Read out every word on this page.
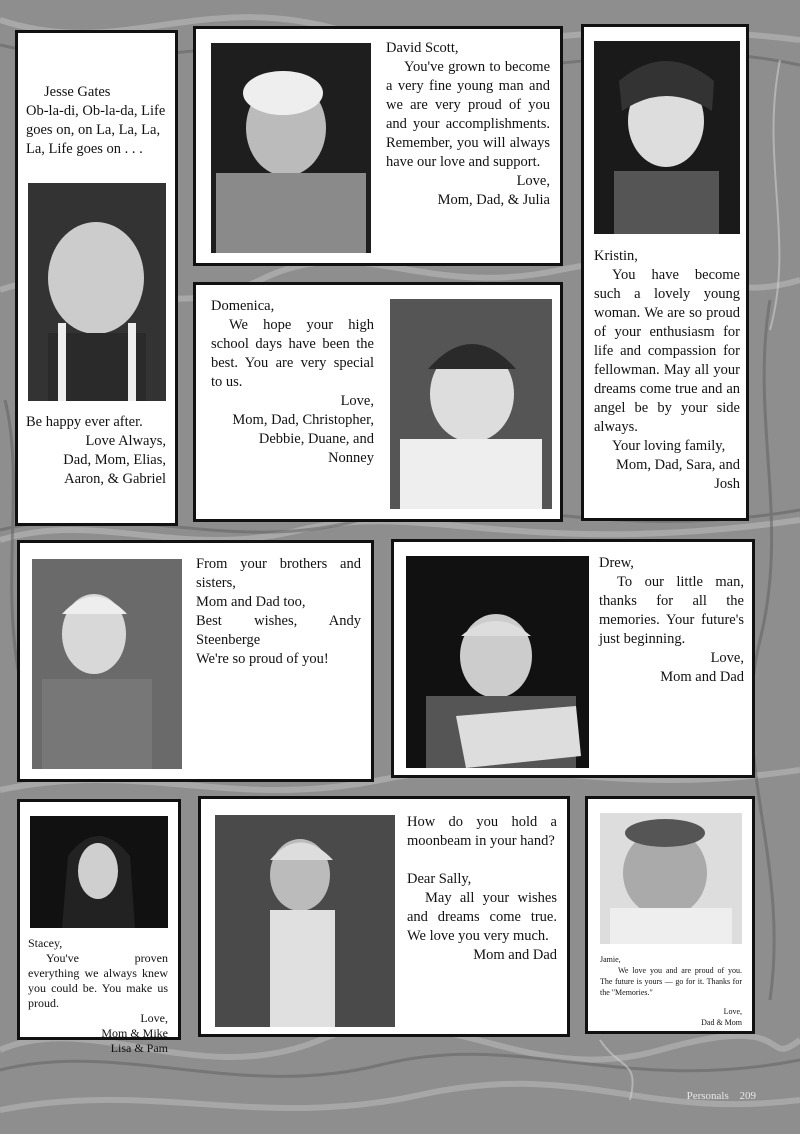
Jesse Gates

Ob-la-di, Ob-la-da, Life goes on, on La, La, La, La, Life goes on . . .

Be happy ever after.

Love Always,

Dad, Mom, Elias, Aaron, & Gabriel

David Scott,

You've grown to become a very fine young man and we are very proud of you and your accomplishments. Remember, you will always have our love and support.

Love,

Mom, Dad, & Julia

Kristin,

You have become such a lovely young woman. We are so proud of your enthusiasm for life and compassion for fellowman. May all your dreams come true and an angel be by your side always.

Your loving family,

Mom, Dad, Sara, and Josh

Domenica,

We hope your high school days have been the best. You are very special to us.

Love,

Mom, Dad, Christopher, Debbie, Duane, and Nonney

From your brothers and sisters,

Mom and Dad too,

Best wishes, Andy Steenberge

We're so proud of you!

Drew,

To our little man, thanks for all the memories. Your future's just beginning.

Love,

Mom and Dad

Stacey,

You've proven everything we always knew you could be. You make us proud.

Love,

Mom & Mike

Lisa & Pam

How do you hold a moonbeam in your hand?

Dear Sally,

May all your wishes and dreams come true. We love you very much.

Mom and Dad	Jamie,

We love you and are proud of you. The future is yours — go for it. Thanks for the "Memories."

Love,

Dad & Mom

Personals 209
